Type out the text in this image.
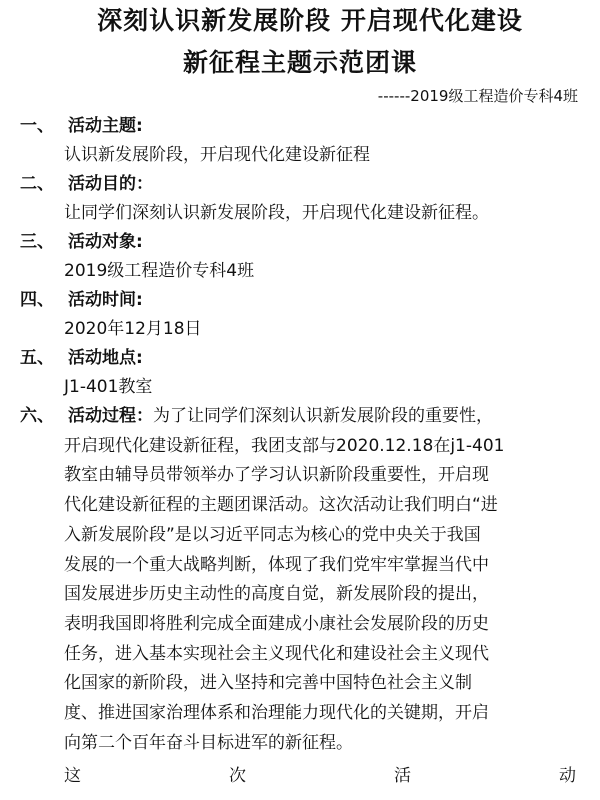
深刻认识新发展阶段 开启现代化建设
新征程主题示范团课
------2019级工程造价专科4班
一、 活动主题:
认识新发展阶段，开启现代化建设新征程
二、 活动目的：
让同学们深刻认识新发展阶段，开启现代化建设新征程。
三、 活动对象:
2019级工程造价专科4班
四、 活动时间:
2020年12月18日
五、 活动地点:
J1-401教室
六、 活动过程：为了让同学们深刻认识新发展阶段的重要性，
开启现代化建设新征程，我团支部与2020.12.18在j1-401
教室由辅导员带领举办了学习认识新阶段重要性，开启现
代化建设新征程的主题团课活动。这次活动让我们明白“进
入新发展阶段”是以习近平同志为核心的党中央关于我国
发展的一个重大战略判断，体现了我们党牢牢掌握当代中
国发展进步历史主动性的高度自觉，新发展阶段的提出，
表明我国即将胜利完成全面建成小康社会发展阶段的历史
任务，进入基本实现社会主义现代化和建设社会主义现代
化国家的新阶段，进入坚持和完善中国特色社会主义制
度、推进国家治理体系和治理能力现代化的关键期，开启
向第二个百年奋斗目标进军的新征程。
这	次	活	动
